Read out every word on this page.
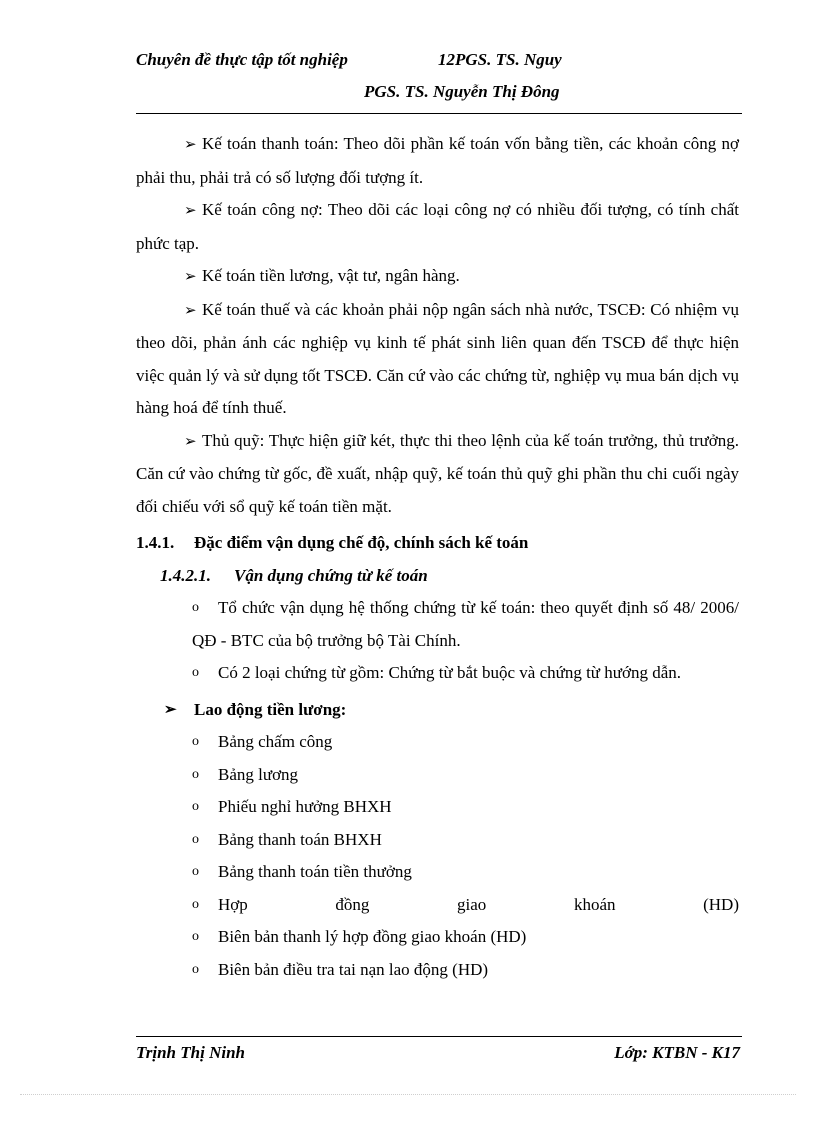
Chuyên đề thực tập tốt nghiệp	12PGS. TS. Nguy
PGS. TS. Nguyễn Thị Đông

➢ Kế toán thanh toán: Theo dõi phần kế toán vốn bằng tiền, các khoản công nợ phải thu, phải trả có số lượng đối tượng ít.

➢ Kế toán công nợ: Theo dõi các loại công nợ có nhiều đối tượng, có tính chất phức tạp.

➢ Kế toán tiền lương, vật tư, ngân hàng.

➢ Kế toán thuế và các khoản phải nộp ngân sách nhà nước, TSCĐ: Có nhiệm vụ theo dõi, phản ánh các nghiệp vụ kinh tế phát sinh liên quan đến TSCĐ để thực hiện việc quản lý và sử dụng tốt TSCĐ. Căn cứ vào các chứng từ, nghiệp vụ mua bán dịch vụ hàng hoá để tính thuế.

➢ Thủ quỹ: Thực hiện giữ két, thực thi theo lệnh của kế toán trưởng, thủ trưởng. Căn cứ vào chứng từ gốc, đề xuất, nhập quỹ, kế toán thủ quỹ ghi phần thu chi cuối ngày đối chiếu với sổ quỹ kế toán tiền mặt.

1.4.1. Đặc điểm vận dụng chế độ, chính sách kế toán
1.4.2.1. Vận dụng chứng từ kế toán
o	Tổ chức vận dụng hệ thống chứng từ kế toán: theo quyết định số 48/ 2006/ QĐ - BTC của bộ trưởng bộ Tài Chính.
o	Có 2 loại chứng từ gồm: Chứng từ bắt buộc và chứng từ hướng dẫn.
➢	Lao động tiền lương:
o	Bảng chấm công
o	Bảng lương
o	Phiếu nghỉ hưởng BHXH
o	Bảng thanh toán BHXH
o	Bảng thanh toán tiền thưởng
o Hợp	đồng	giao	khoán	(HD)
o	Biên bản thanh lý hợp đồng giao khoán (HD)
o	Biên bản điều tra tai nạn lao động (HD)
Trịnh Thị Ninh	Lớp: KTBN - K17
